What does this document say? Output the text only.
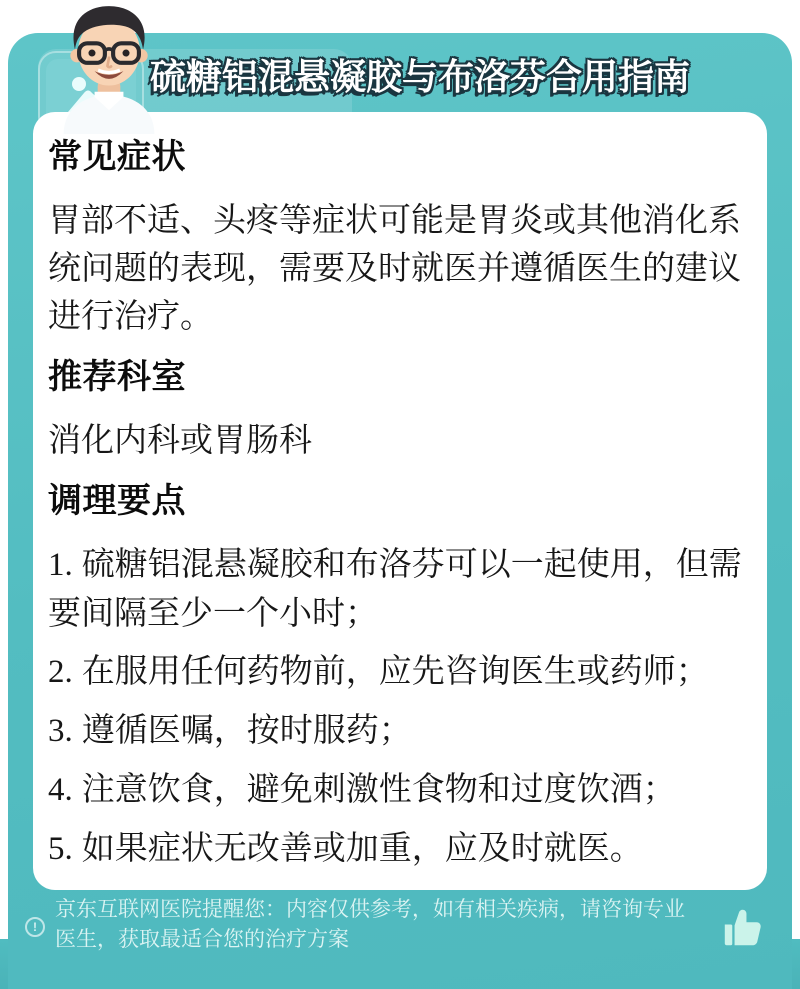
硫糖铝混悬凝胶与布洛芬合用指南
常见症状

胃部不适、头疼等症状可能是胃炎或其他消化系统问题的表现，需要及时就医并遵循医生的建议进行治疗。

推荐科室

消化内科或胃肠科

调理要点

1. 硫糖铝混悬凝胶和布洛芬可以一起使用，但需要间隔至少一个小时；

2. 在服用任何药物前，应先咨询医生或药师；

3. 遵循医嘱，按时服药；

4. 注意饮食，避免刺激性食物和过度饮酒；

5. 如果症状无改善或加重，应及时就医。

!
京东互联网医院提醒您：内容仅供参考，如有相关疾病，请咨询专业医生，获取最适合您的治疗方案
